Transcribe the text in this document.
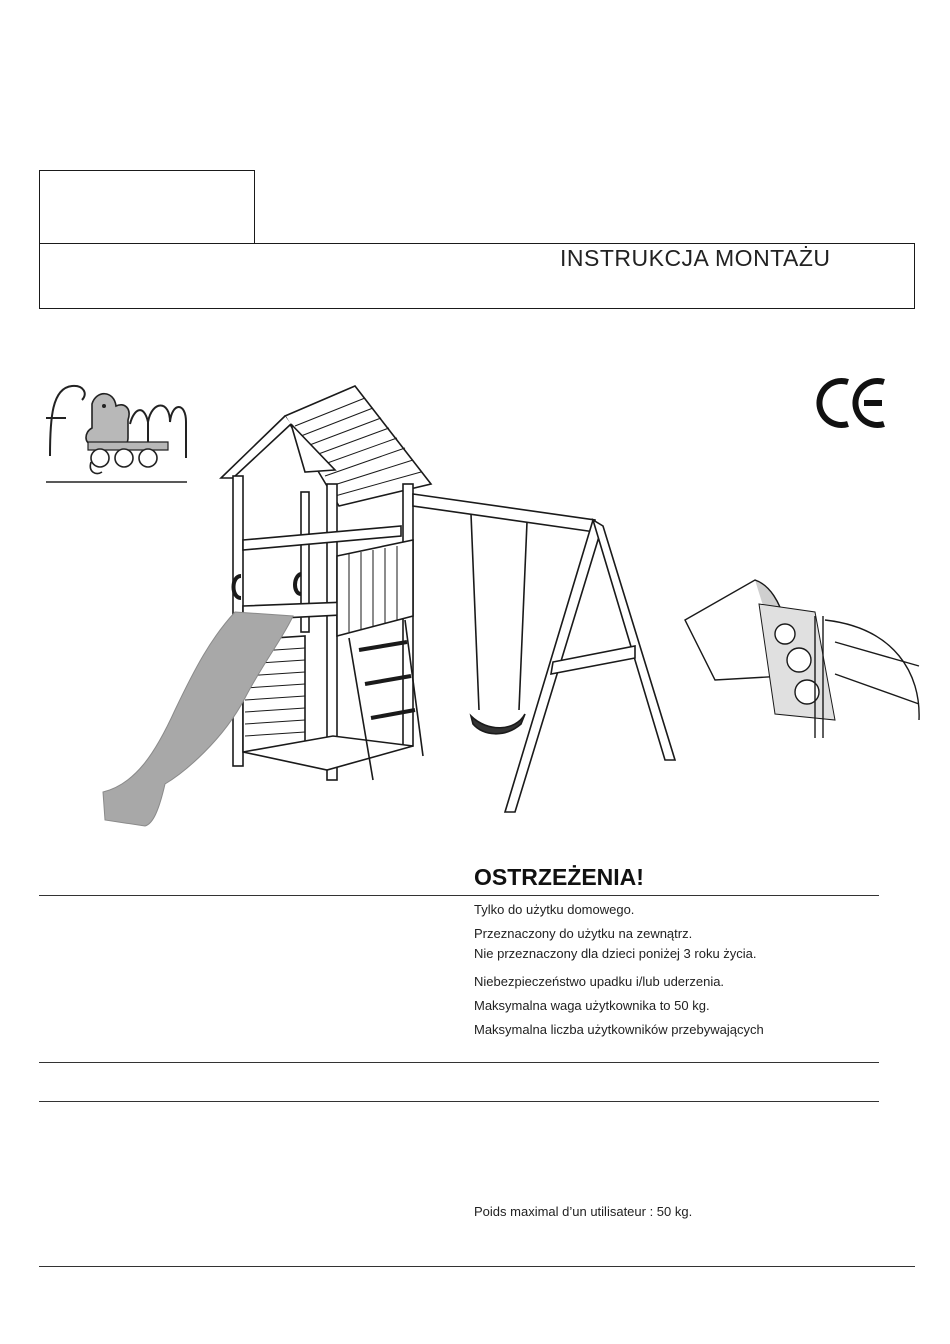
INSTRUKCJA MONTAŻU
OSTRZEŻENIA!
Tylko do użytku domowego.
Przeznaczony do użytku na zewnątrz.
Nie przeznaczony dla dzieci poniżej 3 roku życia.
Niebezpieczeństwo upadku i/lub uderzenia.
Maksymalna waga użytkownika to 50 kg.
Maksymalna liczba użytkowników przebywających
Poids maximal d’un utilisateur : 50 kg.
